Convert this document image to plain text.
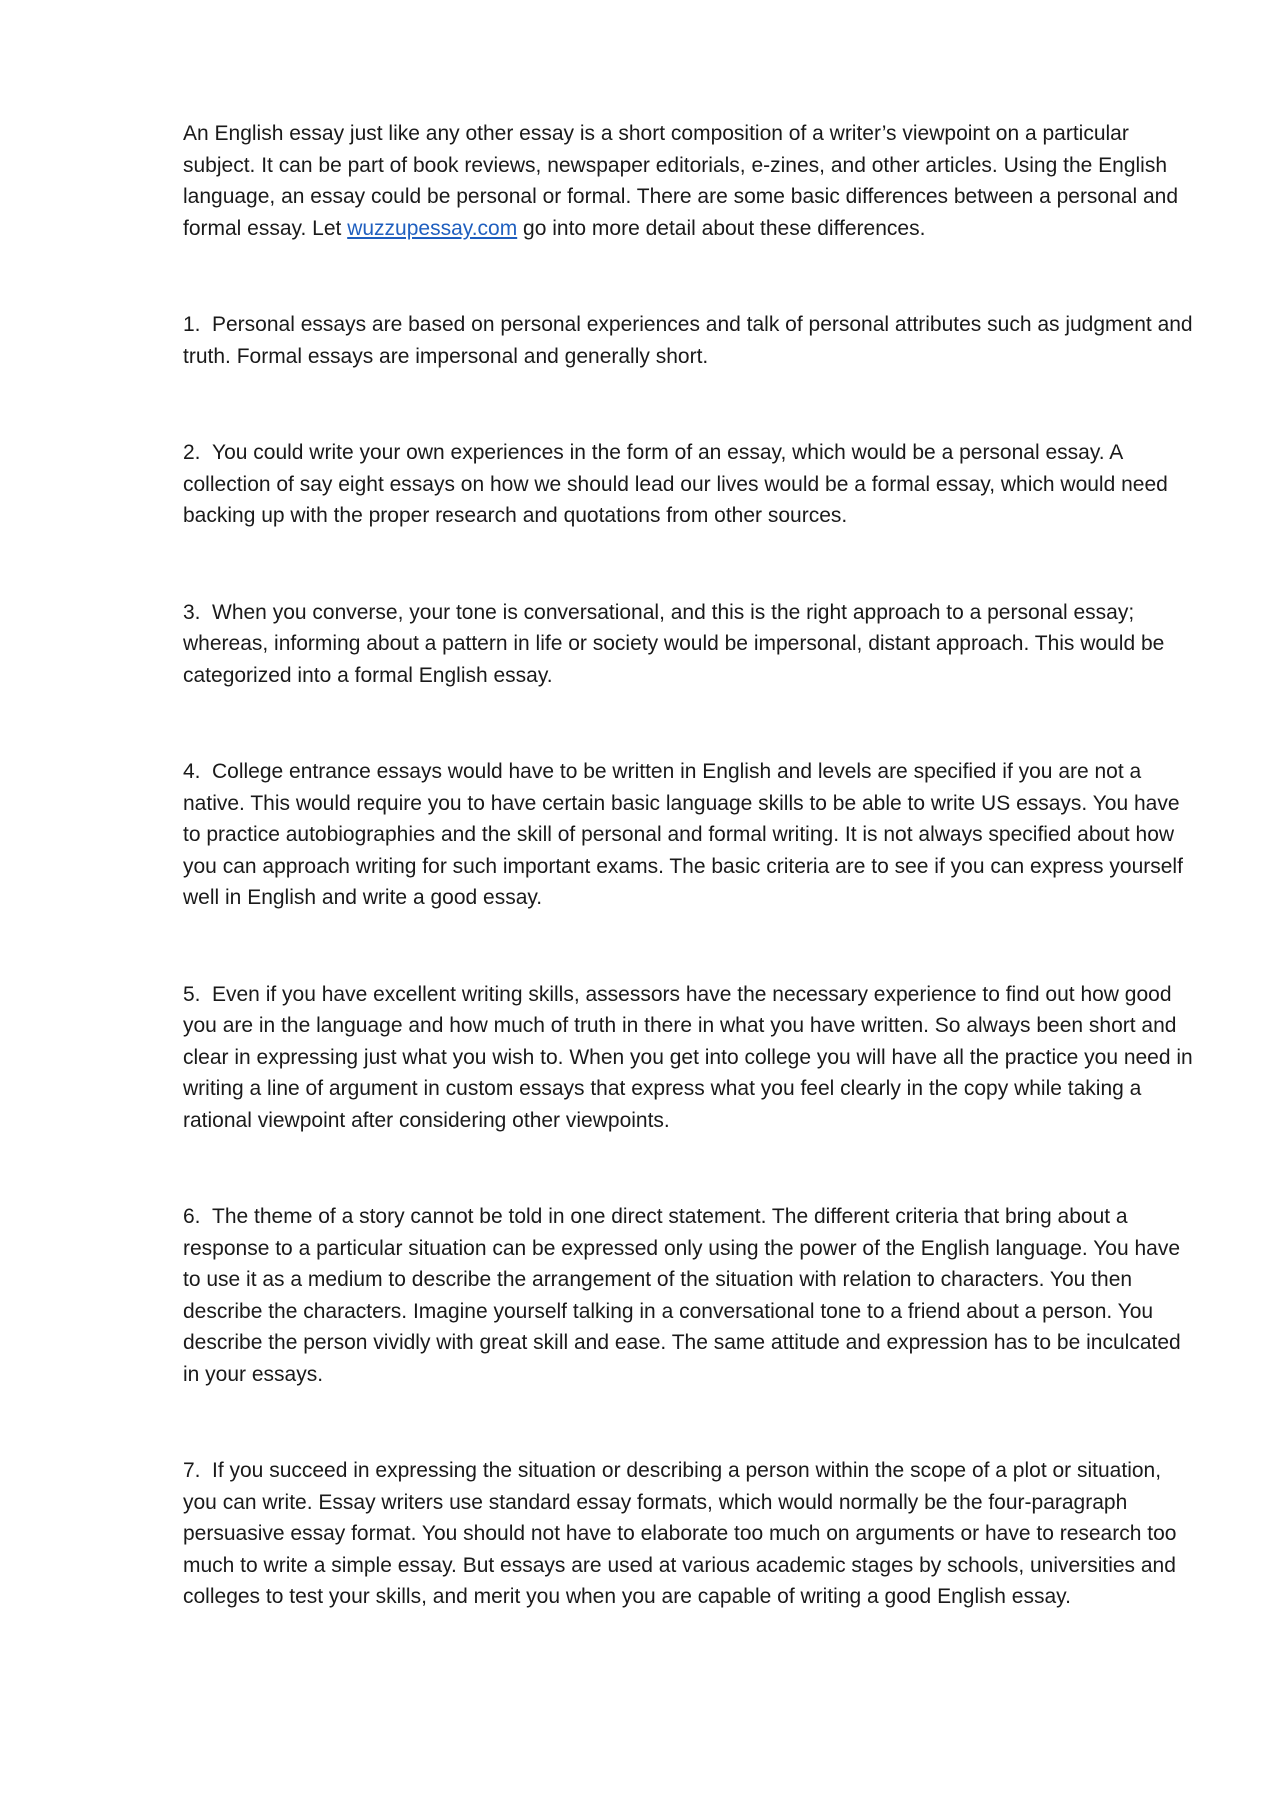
An English essay just like any other essay is a short composition of a writer’s viewpoint on a particular subject. It can be part of book reviews, newspaper editorials, e-zines, and other articles. Using the English language, an essay could be personal or formal. There are some basic differences between a personal and formal essay. Let wuzzupessay.com go into more detail about these differences.

1. Personal essays are based on personal experiences and talk of personal attributes such as judgment and truth. Formal essays are impersonal and generally short.

2. You could write your own experiences in the form of an essay, which would be a personal essay. A collection of say eight essays on how we should lead our lives would be a formal essay, which would need backing up with the proper research and quotations from other sources.

3. When you converse, your tone is conversational, and this is the right approach to a personal essay; whereas, informing about a pattern in life or society would be impersonal, distant approach. This would be categorized into a formal English essay.

4. College entrance essays would have to be written in English and levels are specified if you are not a native. This would require you to have certain basic language skills to be able to write US essays. You have to practice autobiographies and the skill of personal and formal writing. It is not always specified about how you can approach writing for such important exams. The basic criteria are to see if you can express yourself well in English and write a good essay.

5. Even if you have excellent writing skills, assessors have the necessary experience to find out how good you are in the language and how much of truth in there in what you have written. So always been short and clear in expressing just what you wish to. When you get into college you will have all the practice you need in writing a line of argument in custom essays that express what you feel clearly in the copy while taking a rational viewpoint after considering other viewpoints.

6. The theme of a story cannot be told in one direct statement. The different criteria that bring about a response to a particular situation can be expressed only using the power of the English language. You have to use it as a medium to describe the arrangement of the situation with relation to characters. You then describe the characters. Imagine yourself talking in a conversational tone to a friend about a person. You describe the person vividly with great skill and ease. The same attitude and expression has to be inculcated in your essays.

7. If you succeed in expressing the situation or describing a person within the scope of a plot or situation, you can write. Essay writers use standard essay formats, which would normally be the four-paragraph persuasive essay format. You should not have to elaborate too much on arguments or have to research too much to write a simple essay. But essays are used at various academic stages by schools, universities and colleges to test your skills, and merit you when you are capable of writing a good English essay.
